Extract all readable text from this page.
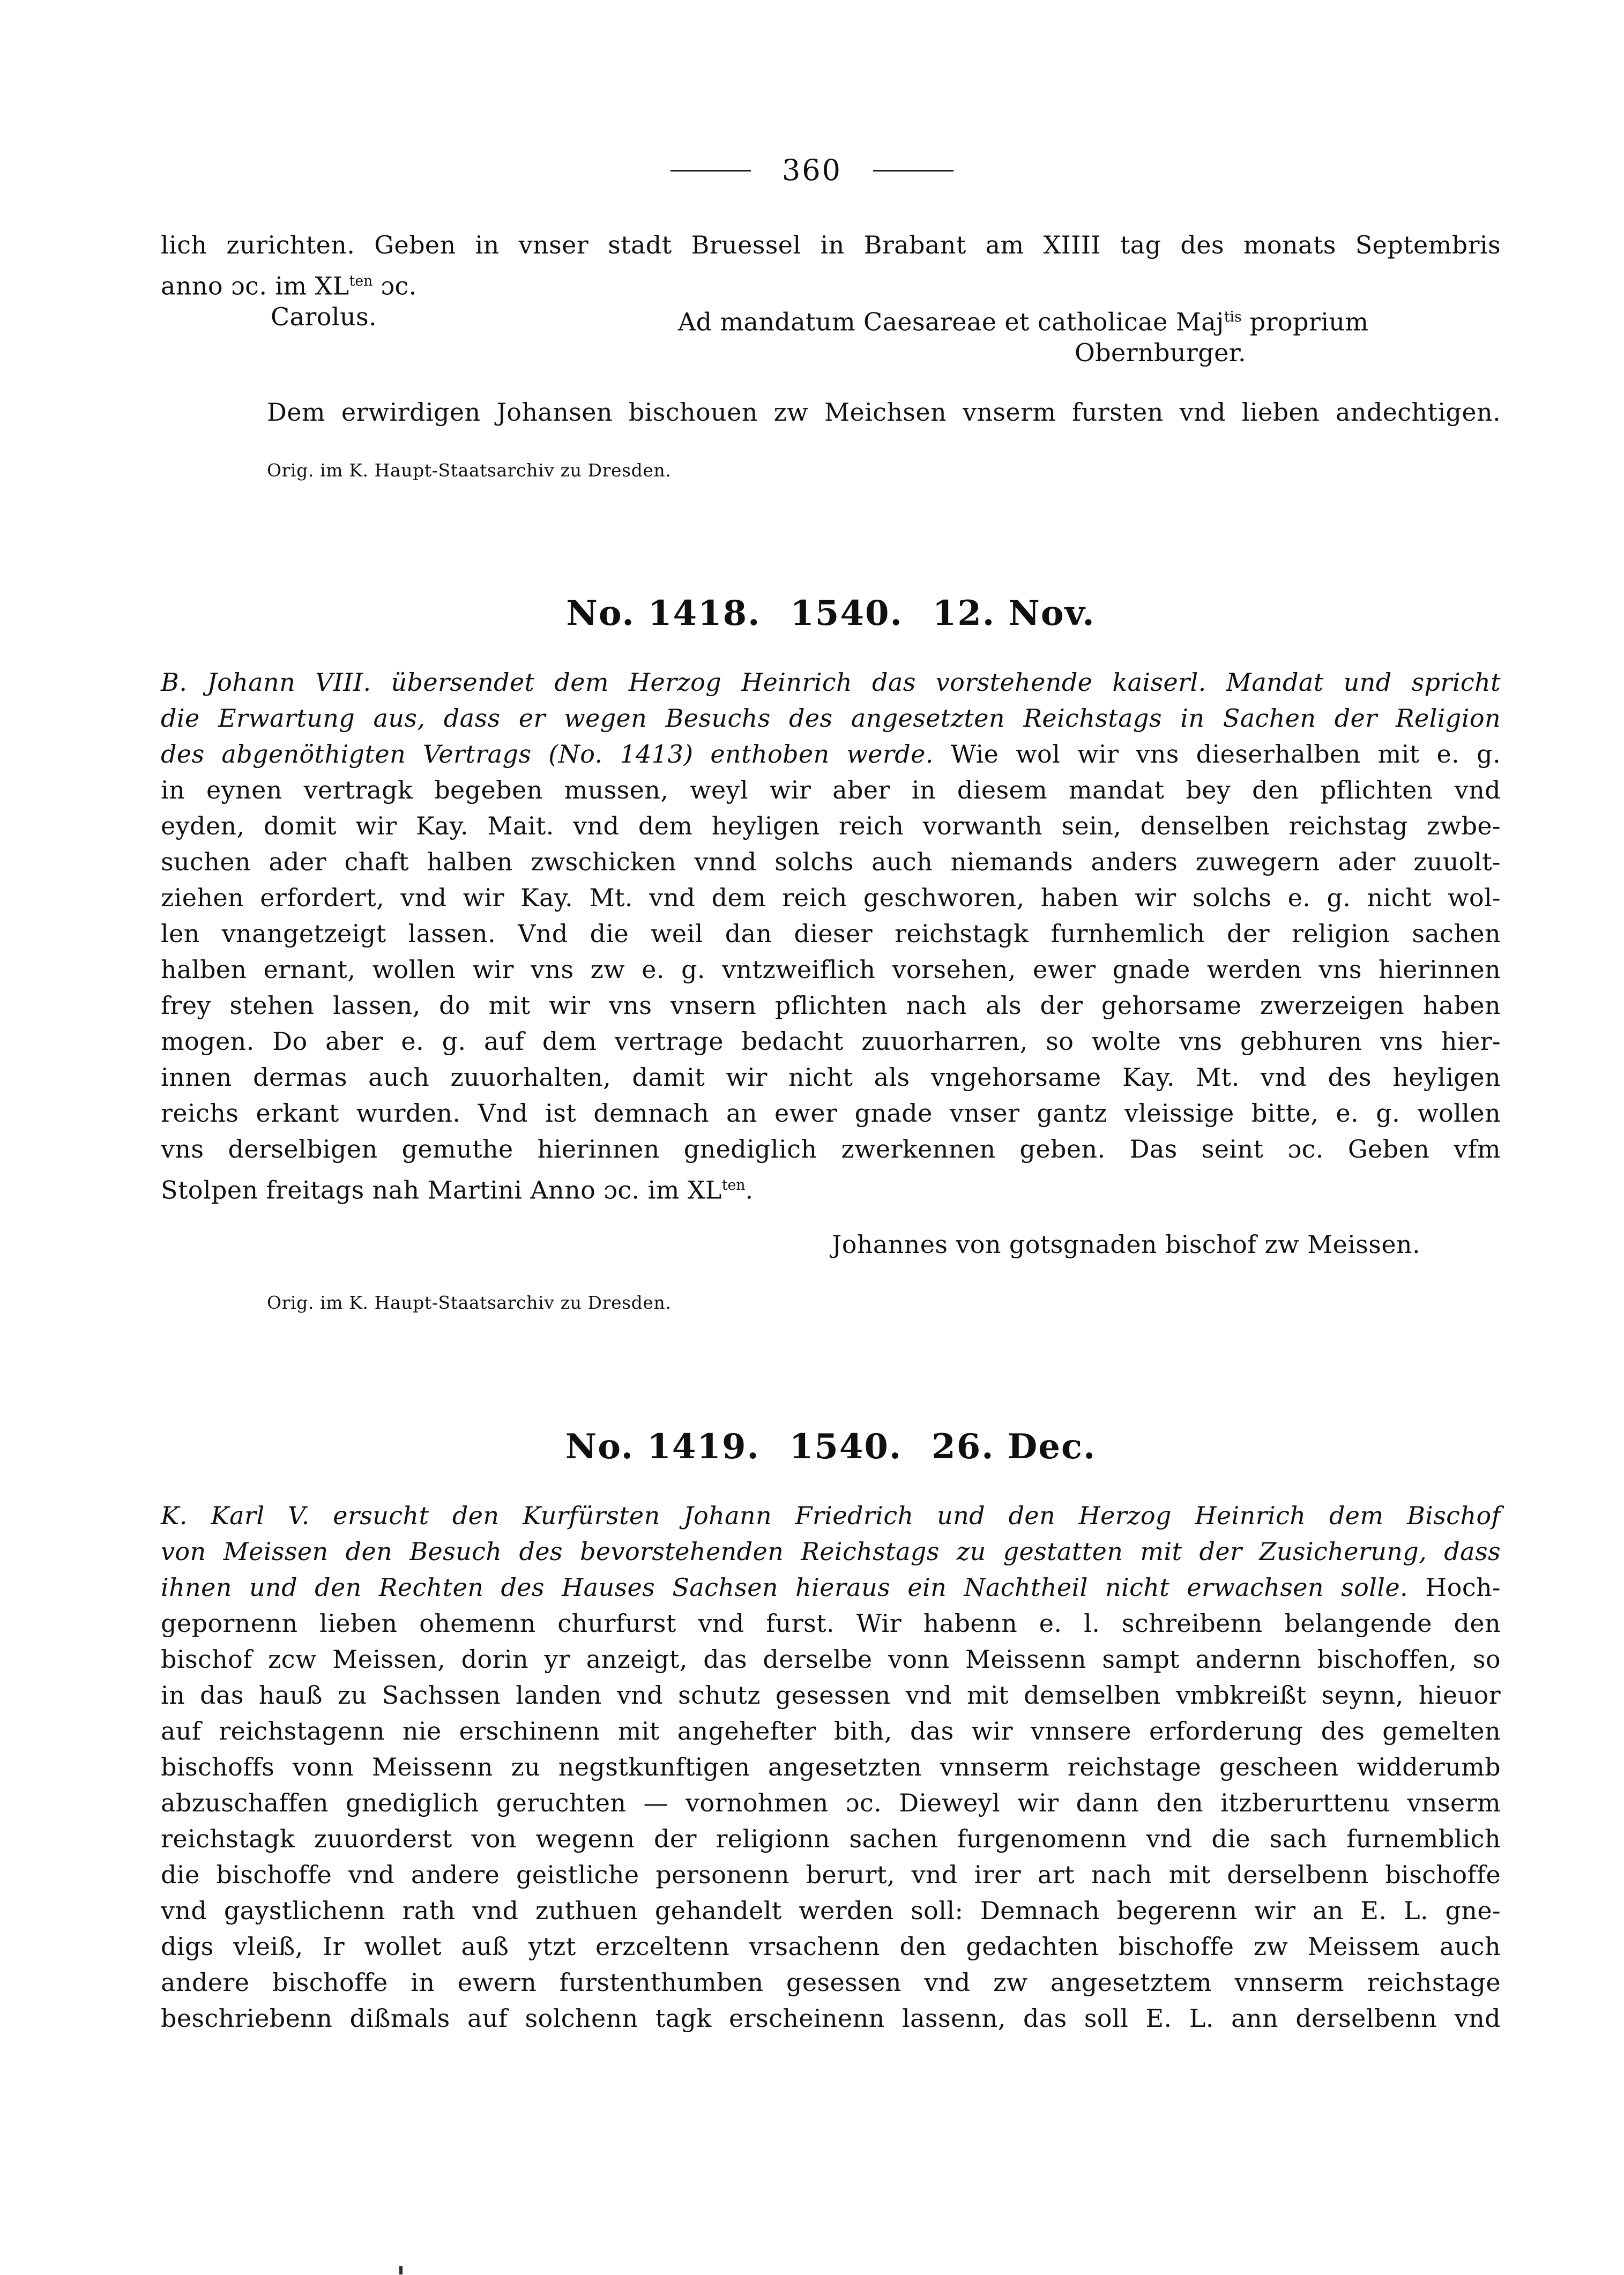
360
lich zurichten. Geben in vnser stadt Bruessel in Brabant am XIIII tag des monats Septembris
anno ɔc. im $XL^{ten}$ ɔc.
Carolus.	Ad mandatum Caesareae et catholicae Maj$^{tis}$ proprium
Obernburger.
Dem erwirdigen Johansen bischouen zw Meichsen vnserm fursten vnd lieben andechtigen.
Orig. im K. Haupt-Staatsarchiv zu Dresden.
No. 1418. 1540. 12. Nov.
B. Johann VIII. übersendet dem Herzog Heinrich das vorstehende kaiserl. Mandat und spricht
die Erwartung aus, dass er wegen Besuchs des angesetzten Reichstags in Sachen der Religion
des abgenöthigten Vertrags (No. 1413) enthoben werde. Wie wol wir vns dieserhalben mit e. g.
in eynen vertragk begeben mussen, weyl wir aber in diesem mandat bey den pflichten vnd
eyden, domit wir Kay. Mait. vnd dem heyligen reich vorwanth sein, denselben reichstag zwbe-
suchen ader chaft halben zwschicken vnnd solchs auch niemands anders zuwegern ader zuuolt-
ziehen erfordert, vnd wir Kay. Mt. vnd dem reich geschworen, haben wir solchs e. g. nicht wol-
len vnangetzeigt lassen. Vnd die weil dan dieser reichstagk furnhemlich der religion sachen
halben ernant, wollen wir vns zw e. g. vntzweiflich vorsehen, ewer gnade werden vns hierinnen
frey stehen lassen, do mit wir vns vnsern pflichten nach als der gehorsame zwerzeigen haben
mogen. Do aber e. g. auf dem vertrage bedacht zuuorharren, so wolte vns gebhuren vns hier-
innen dermas auch zuuorhalten, damit wir nicht als vngehorsame Kay. Mt. vnd des heyligen
reichs erkant wurden. Vnd ist demnach an ewer gnade vnser gantz vleissige bitte, e. g. wollen
vns derselbigen gemuthe hierinnen gnediglich zwerkennen geben. Das seint ɔc. Geben vfm
Stolpen freitags nah Martini Anno ɔc. im $XL^{ten}$.
Johannes von gotsgnaden bischof zw Meissen.
Orig. im K. Haupt-Staatsarchiv zu Dresden.
No. 1419. 1540. 26. Dec.
K. Karl V. ersucht den Kurfürsten Johann Friedrich und den Herzog Heinrich dem Bischof
von Meissen den Besuch des bevorstehenden Reichstags zu gestatten mit der Zusicherung, dass
ihnen und den Rechten des Hauses Sachsen hieraus ein Nachtheil nicht erwachsen solle. Hoch-
gepornenn lieben ohemenn churfurst vnd furst. Wir habenn e. l. schreibenn belangende den
bischof zcw Meissen, dorin yr anzeigt, das derselbe vonn Meissenn sampt andernn bischoffen, so
in das hauß zu Sachssen landen vnd schutz gesessen vnd mit demselben vmbkreißt seynn, hieuor
auf reichstagenn nie erschinenn mit angehefter bith, das wir vnnsere erforderung des gemelten
bischoffs vonn Meissenn zu negstkunftigen angesetzten vnnserm reichstage gescheen widderumb
abzuschaffen gnediglich geruchten — vornohmen ɔc. Dieweyl wir dann den itzberurttenu vnserm
reichstagk zuuorderst von wegenn der religionn sachen furgenomenn vnd die sach furnemblich
die bischoffe vnd andere geistliche personenn berurt, vnd irer art nach mit derselbenn bischoffe
vnd gaystlichenn rath vnd zuthuen gehandelt werden soll: Demnach begerenn wir an E. L. gne-
digs vleiß, Ir wollet auß ytzt erzceltenn vrsachenn den gedachten bischoffe zw Meissem auch
andere bischoffe in ewern furstenthumben gesessen vnd zw angesetztem vnnserm reichstage
beschriebenn dißmals auf solchenn tagk erscheinenn lassenn, das soll E. L. ann derselbenn vnd
